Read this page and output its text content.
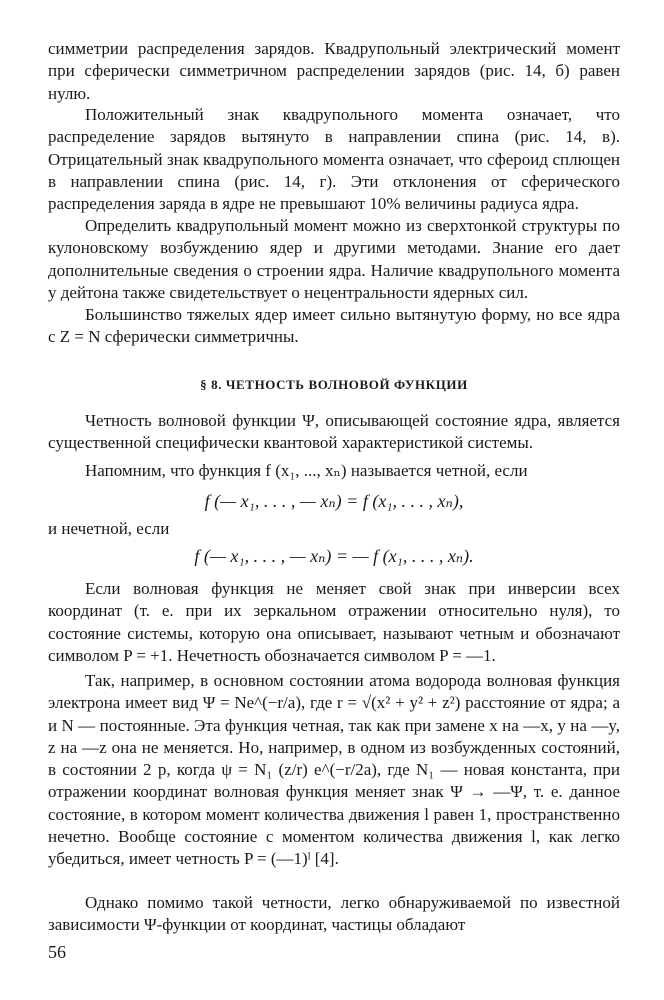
симметрии распределения зарядов. Квадрупольный электрический момент при сферически симметричном распределении зарядов (рис. 14, б) равен нулю.

Положительный знак квадрупольного момента означает, что распределение зарядов вытянуто в направлении спина (рис. 14, в). Отрицательный знак квадрупольного момента означает, что сфероид сплющен в направлении спина (рис. 14, г). Эти отклонения от сферического распределения заряда в ядре не превышают 10% величины радиуса ядра.

Определить квадрупольный момент можно из сверхтонкой структуры по кулоновскому возбуждению ядер и другими методами. Знание его дает дополнительные сведения о строении ядра. Наличие квадрупольного момента у дейтона также свидетельствует о нецентральности ядерных сил.

Большинство тяжелых ядер имеет сильно вытянутую форму, но все ядра с Z = N сферически симметричны.

§ 8. ЧЕТНОСТЬ ВОЛНОВОЙ ФУНКЦИИ

Четность волновой функции Ψ, описывающей состояние ядра, является существенной специфически квантовой характеристикой системы.

Напомним, что функция f (x₁, ..., xₙ) называется четной, если

f (— x₁, . . . , — xₙ) = f (x₁, . . . , xₙ),

и нечетной, если

f (— x₁, . . . , — xₙ) = — f (x₁, . . . , xₙ).

Если волновая функция не меняет свой знак при инверсии всех координат (т. е. при их зеркальном отражении относительно нуля), то состояние системы, которую она описывает, называют четным и обозначают символом P = +1. Нечетность обозначается символом P = —1.

Так, например, в основном состоянии атома водорода волновая функция электрона имеет вид Ψ = Ne^(−r/a), где r = √(x² + y² + z²) расстояние от ядра; a и N — постоянные. Эта функция четная, так как при замене x на —x, y на —y, z на —z она не меняется. Но, например, в одном из возбужденных состояний, в состоянии 2 p, когда ψ = N₁ (z/r) e^(−r/2a), где N₁ — новая константа, при отражении координат волновая функция меняет знак Ψ → —Ψ, т. е. данное состояние, в котором момент количества движения l равен 1, пространственно нечетно. Вообще состояние с моментом количества движения l, как легко убедиться, имеет четность P = (—1)ˡ [4].

Однако помимо такой четности, легко обнаруживаемой по известной зависимости Ψ-функции от координат, частицы обладают

56
